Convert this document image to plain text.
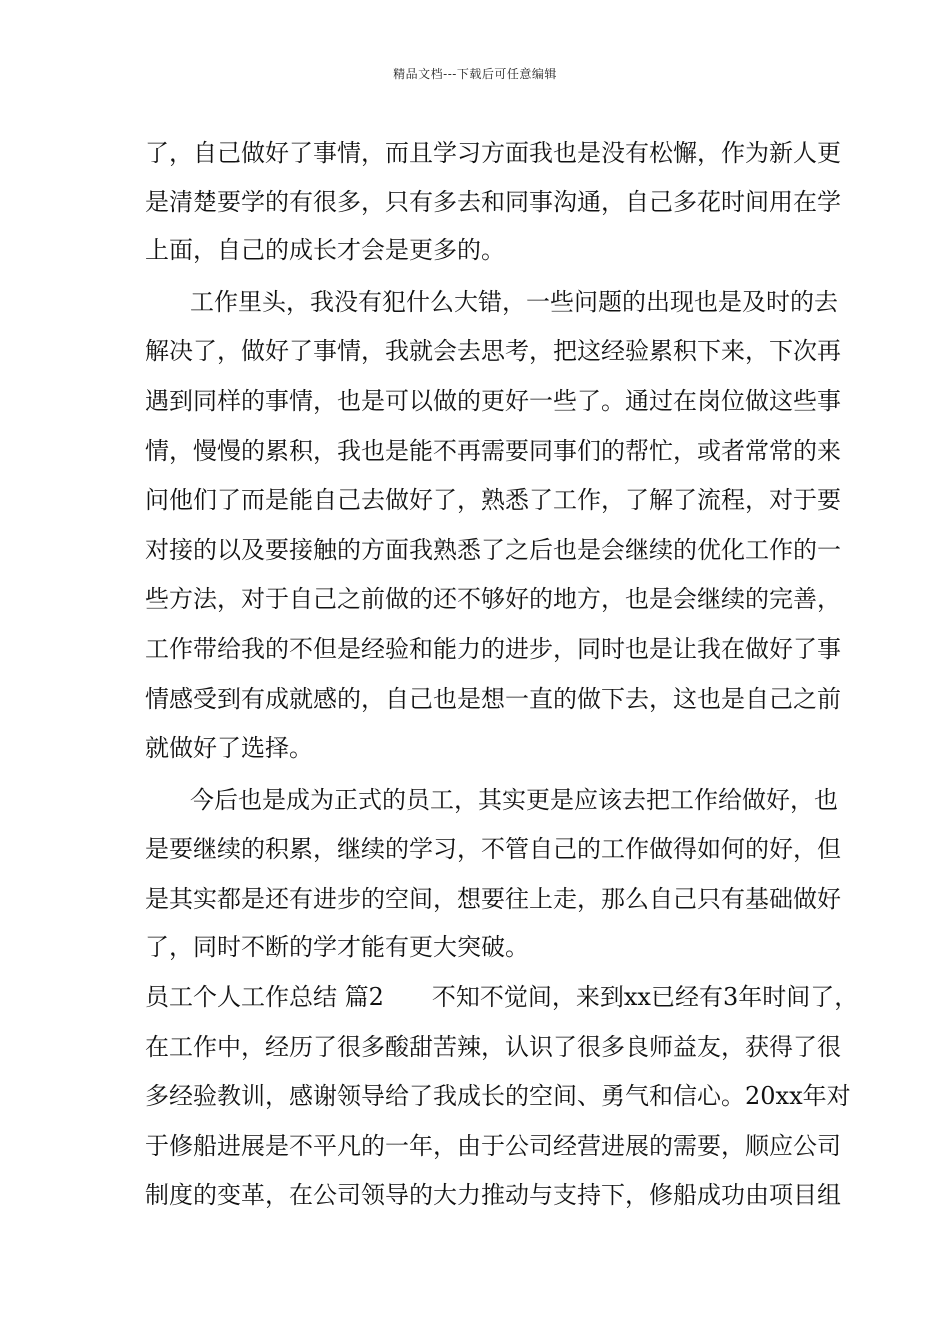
精品文档---下载后可任意编辑
了，自己做好了事情，而且学习方面我也是没有松懈，作为新人更
是清楚要学的有很多，只有多去和同事沟通，自己多花时间用在学
上面，自己的成长才会是更多的。
工作里头，我没有犯什么大错，一些问题的出现也是及时的去
解决了，做好了事情，我就会去思考，把这经验累积下来，下次再
遇到同样的事情，也是可以做的更好一些了。通过在岗位做这些事
情，慢慢的累积，我也是能不再需要同事们的帮忙，或者常常的来
问他们了而是能自己去做好了，熟悉了工作，了解了流程，对于要
对接的以及要接触的方面我熟悉了之后也是会继续的优化工作的一
些方法，对于自己之前做的还不够好的地方，也是会继续的完善，
工作带给我的不但是经验和能力的进步，同时也是让我在做好了事
情感受到有成就感的，自己也是想一直的做下去，这也是自己之前
就做好了选择。
今后也是成为正式的员工，其实更是应该去把工作给做好，也
是要继续的积累，继续的学习，不管自己的工作做得如何的好，但
是其实都是还有进步的空间，想要往上走，那么自己只有基础做好
了，同时不断的学才能有更大突破。
员工个人工作总结 篇2　　不知不觉间，来到xx已经有3年时间了，
在工作中，经历了很多酸甜苦辣，认识了很多良师益友，获得了很
多经验教训，感谢领导给了我成长的空间、勇气和信心。20xx年对
于修船进展是不平凡的一年，由于公司经营进展的需要，顺应公司
制度的变革，在公司领导的大力推动与支持下，修船成功由项目组
